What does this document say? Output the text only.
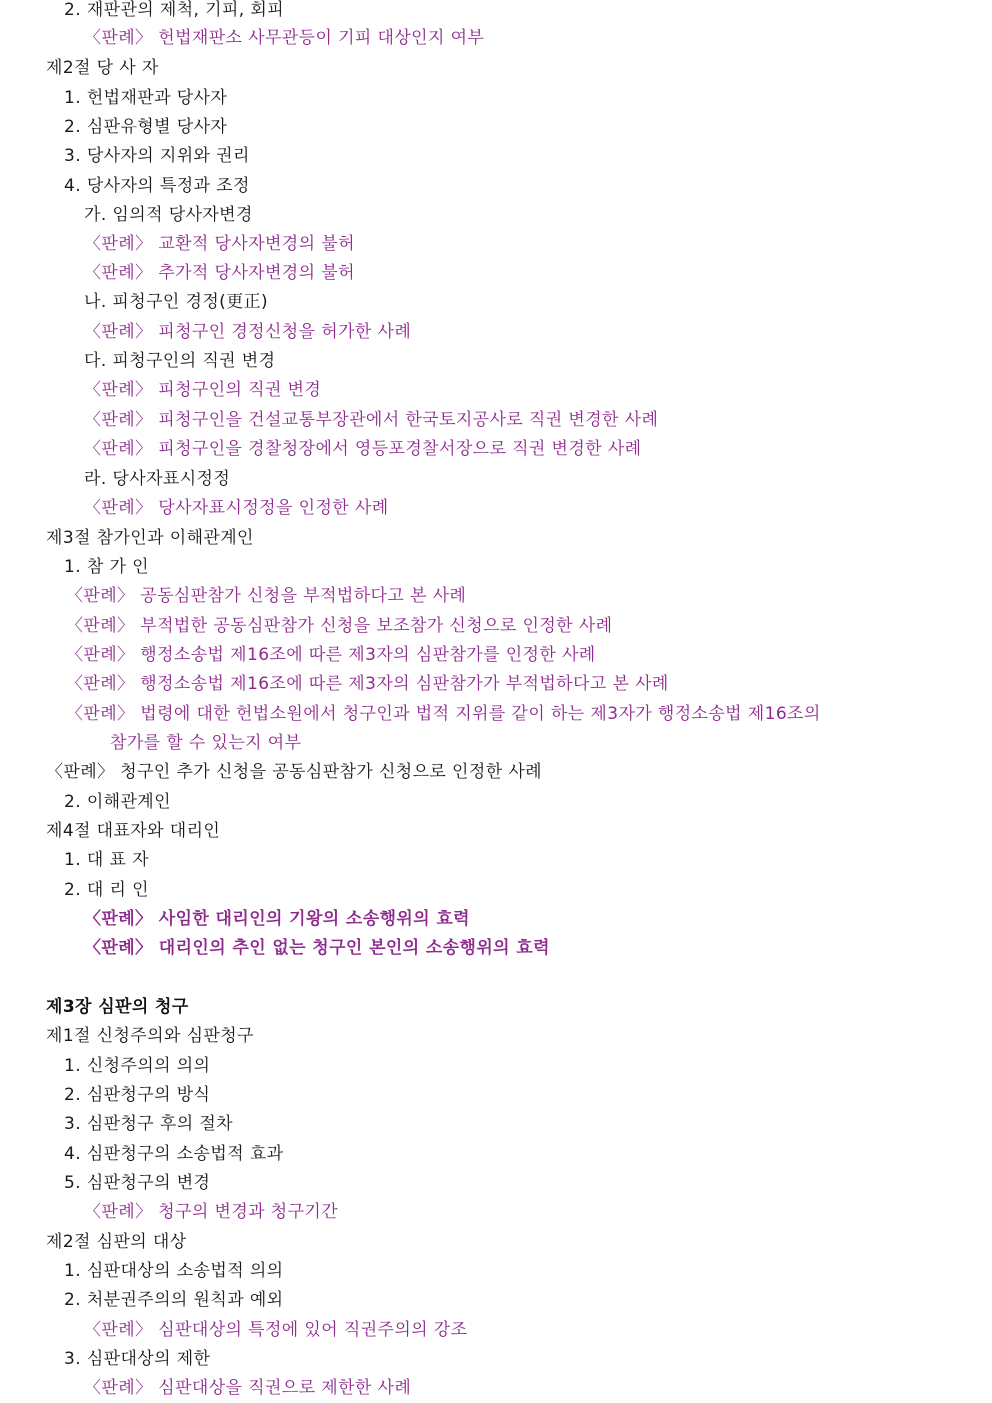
2. 재판관의 제척, 기피, 회피
〈판례〉 헌법재판소 사무관등이 기피 대상인지 여부
제2절 당 사 자
1. 헌법재판과 당사자
2. 심판유형별 당사자
3. 당사자의 지위와 권리
4. 당사자의 특정과 조정
가. 임의적 당사자변경
〈판례〉 교환적 당사자변경의 불허
〈판례〉 추가적 당사자변경의 불허
나. 피청구인 경정(更正)
〈판례〉 피청구인 경정신청을 허가한 사례
다. 피청구인의 직권 변경
〈판례〉 피청구인의 직권 변경
〈판례〉 피청구인을 건설교통부장관에서 한국토지공사로 직권 변경한 사례
〈판례〉 피청구인을 경찰청장에서 영등포경찰서장으로 직권 변경한 사례
라. 당사자표시정정
〈판례〉 당사자표시정정을 인정한 사례
제3절 참가인과 이해관계인
1. 참 가 인
〈판례〉 공동심판참가 신청을 부적법하다고 본 사례
〈판례〉 부적법한 공동심판참가 신청을 보조참가 신청으로 인정한 사례
〈판례〉 행정소송법 제16조에 따른 제3자의 심판참가를 인정한 사례
〈판례〉 행정소송법 제16조에 따른 제3자의 심판참가가 부적법하다고 본 사례
〈판례〉 법령에 대한 헌법소원에서 청구인과 법적 지위를 같이 하는 제3자가 행정소송법 제16조의
참가를 할 수 있는지 여부
〈판례〉 청구인 추가 신청을 공동심판참가 신청으로 인정한 사례
2. 이해관계인
제4절 대표자와 대리인
1. 대 표 자
2. 대 리 인
〈판례〉 사임한 대리인의 기왕의 소송행위의 효력
〈판례〉 대리인의 추인 없는 청구인 본인의 소송행위의 효력
제3장 심판의 청구
제1절 신청주의와 심판청구
1. 신청주의의 의의
2. 심판청구의 방식
3. 심판청구 후의 절차
4. 심판청구의 소송법적 효과
5. 심판청구의 변경
〈판례〉 청구의 변경과 청구기간
제2절 심판의 대상
1. 심판대상의 소송법적 의의
2. 처분권주의의 원칙과 예외
〈판례〉 심판대상의 특정에 있어 직권주의의 강조
3. 심판대상의 제한
〈판례〉 심판대상을 직권으로 제한한 사례
